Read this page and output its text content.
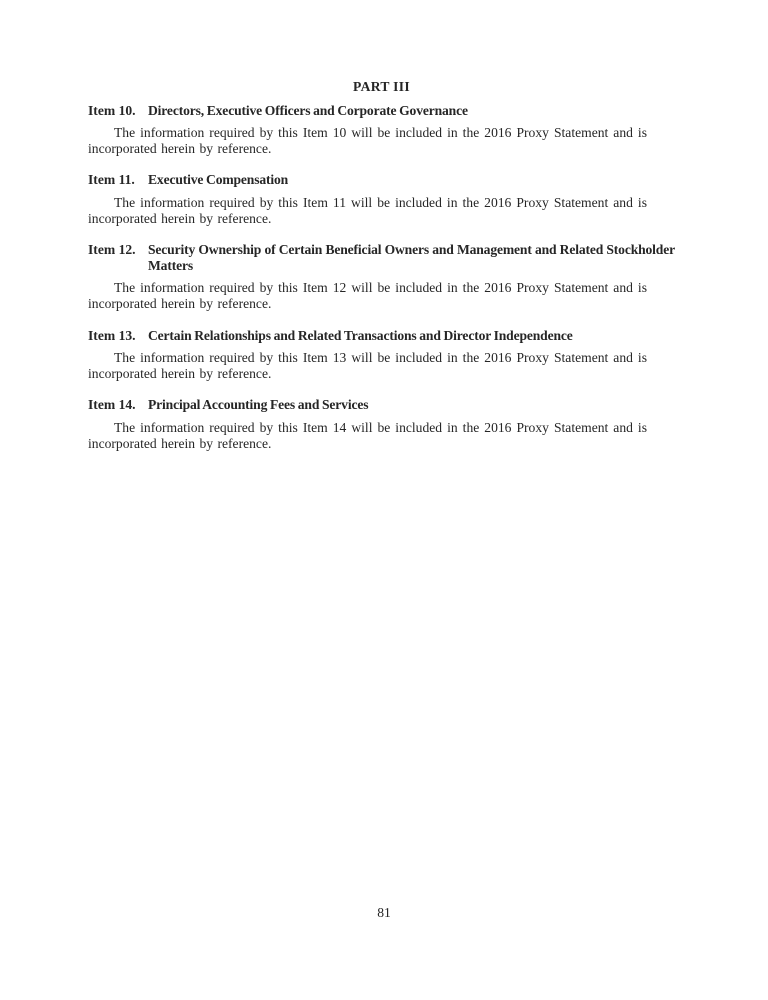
PART III
Item 10. Directors, Executive Officers and Corporate Governance

The information required by this Item 10 will be included in the 2016 Proxy Statement and is incorporated herein by reference.

Item 11. Executive Compensation

The information required by this Item 11 will be included in the 2016 Proxy Statement and is incorporated herein by reference.

Item 12. Security Ownership of Certain Beneficial Owners and Management and Related Stockholder Matters

The information required by this Item 12 will be included in the 2016 Proxy Statement and is incorporated herein by reference.

Item 13. Certain Relationships and Related Transactions and Director Independence

The information required by this Item 13 will be included in the 2016 Proxy Statement and is incorporated herein by reference.

Item 14. Principal Accounting Fees and Services

The information required by this Item 14 will be included in the 2016 Proxy Statement and is incorporated herein by reference.

81
